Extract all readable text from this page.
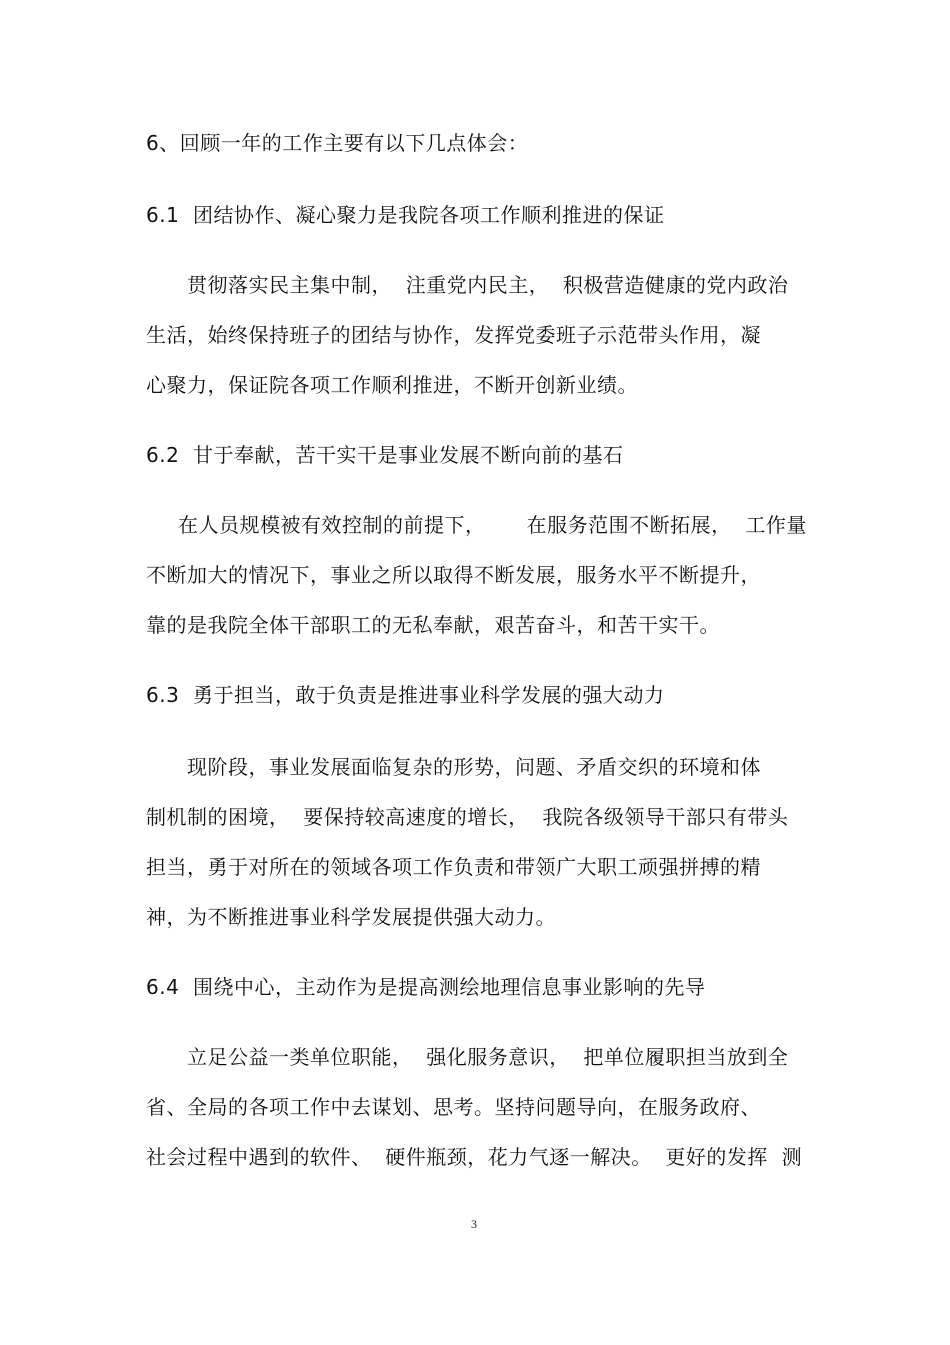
6、回顾一年的工作主要有以下几点体会：

6.1  团结协作、凝心聚力是我院各项工作顺利推进的保证

贯彻落实民主集中制，  注重党内民主，  积极营造健康的党内政治

生活，始终保持班子的团结与协作，发挥党委班子示范带头作用，凝

心聚力，保证院各项工作顺利推进，不断开创新业绩。

6.2  甘于奉献，苦干实干是事业发展不断向前的基石

在人员规模被有效控制的前提下，      在服务范围不断拓展，  工作量

不断加大的情况下，事业之所以取得不断发展，服务水平不断提升，

靠的是我院全体干部职工的无私奉献，艰苦奋斗，和苦干实干。

6.3  勇于担当，敢于负责是推进事业科学发展的强大动力

现阶段，事业发展面临复杂的形势，问题、矛盾交织的环境和体

制机制的困境，  要保持较高速度的增长，  我院各级领导干部只有带头

担当，勇于对所在的领域各项工作负责和带领广大职工顽强拼搏的精

神，为不断推进事业科学发展提供强大动力。

6.4  围绕中心，主动作为是提高测绘地理信息事业影响的先导

立足公益一类单位职能，  强化服务意识，  把单位履职担当放到全

省、全局的各项工作中去谋划、思考。坚持问题导向，在服务政府、

社会过程中遇到的软件、  硬件瓶颈，花力气逐一解决。  更好的发挥  测

3
